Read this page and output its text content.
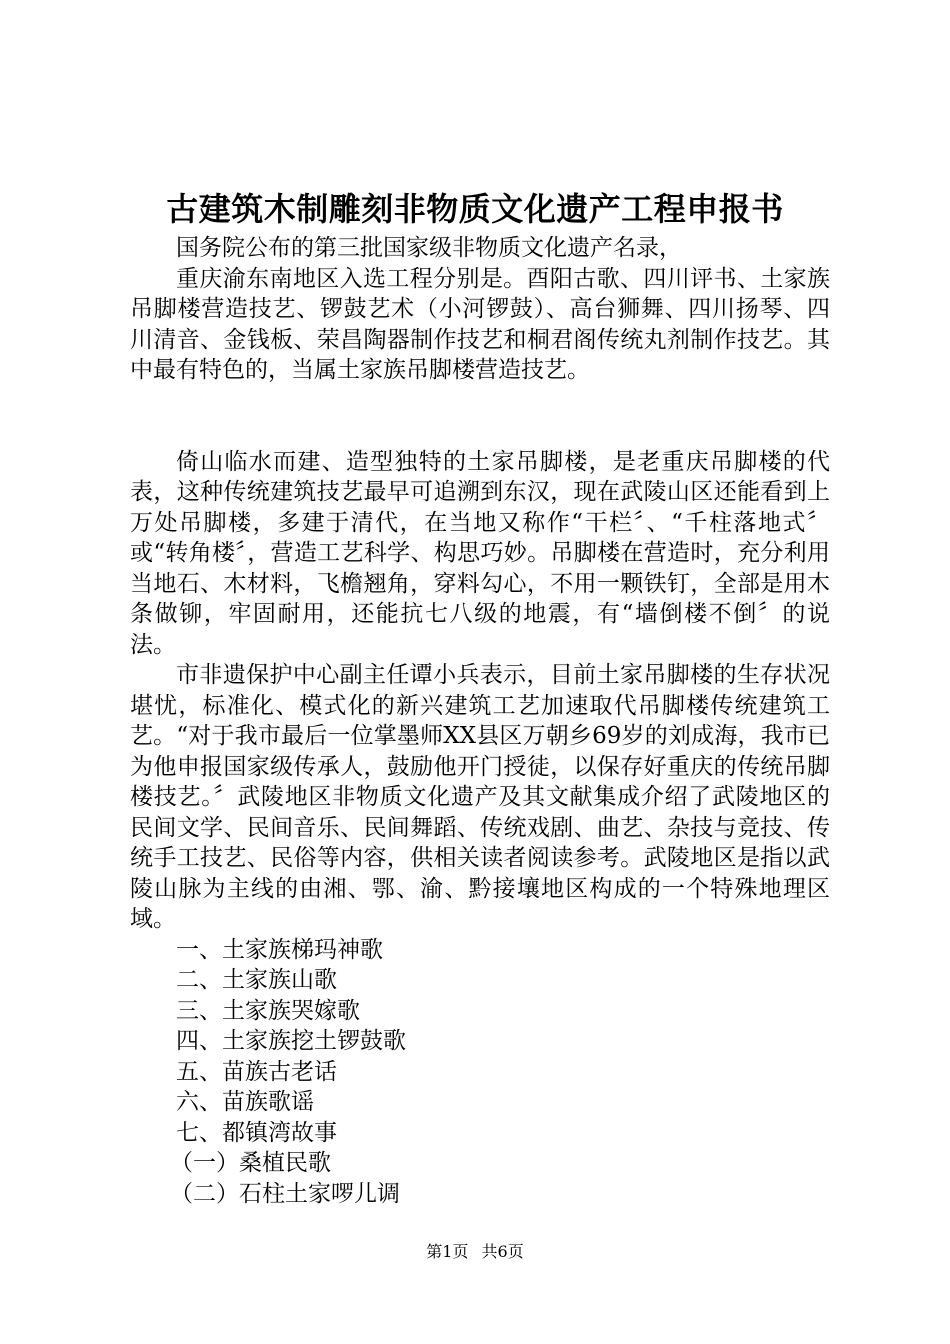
古建筑木制雕刻非物质文化遗产工程申报书

国务院公布的第三批国家级非物质文化遗产名录，

重庆渝东南地区入选工程分别是。酉阳古歌、四川评书、土家族吊脚楼营造技艺、锣鼓艺术（小河锣鼓）、高台狮舞、四川扬琴、四川清音、金钱板、荣昌陶器制作技艺和桐君阁传统丸剂制作技艺。其中最有特色的，当属土家族吊脚楼营造技艺。

倚山临水而建、造型独特的土家吊脚楼，是老重庆吊脚楼的代表，这种传统建筑技艺最早可追溯到东汉，现在武陵山区还能看到上万处吊脚楼，多建于清代，在当地又称作“干栏〞、“千柱落地式〞或“转角楼〞，营造工艺科学、构思巧妙。吊脚楼在营造时，充分利用当地石、木材料，飞檐翘角，穿料勾心，不用一颗铁钉，全部是用木条做铆，牢固耐用，还能抗七八级的地震，有“墙倒楼不倒〞的说法。

市非遗保护中心副主任谭小兵表示，目前土家吊脚楼的生存状况堪忧，标准化、模式化的新兴建筑工艺加速取代吊脚楼传统建筑工艺。“对于我市最后一位掌墨师XX县区万朝乡69岁的刘成海，我市已为他申报国家级传承人，鼓励他开门授徒，以保存好重庆的传统吊脚楼技艺。〞武陵地区非物质文化遗产及其文献集成介绍了武陵地区的民间文学、民间音乐、民间舞蹈、传统戏剧、曲艺、杂技与竞技、传统手工技艺、民俗等内容，供相关读者阅读参考。武陵地区是指以武陵山脉为主线的由湘、鄂、渝、黔接壤地区构成的一个特殊地理区域。

一、土家族梯玛神歌
二、土家族山歌
三、土家族哭嫁歌
四、土家族挖土锣鼓歌
五、苗族古老话
六、苗族歌谣
七、都镇湾故事
（一）桑植民歌
（二）石柱土家啰儿调
第1页 共6页
